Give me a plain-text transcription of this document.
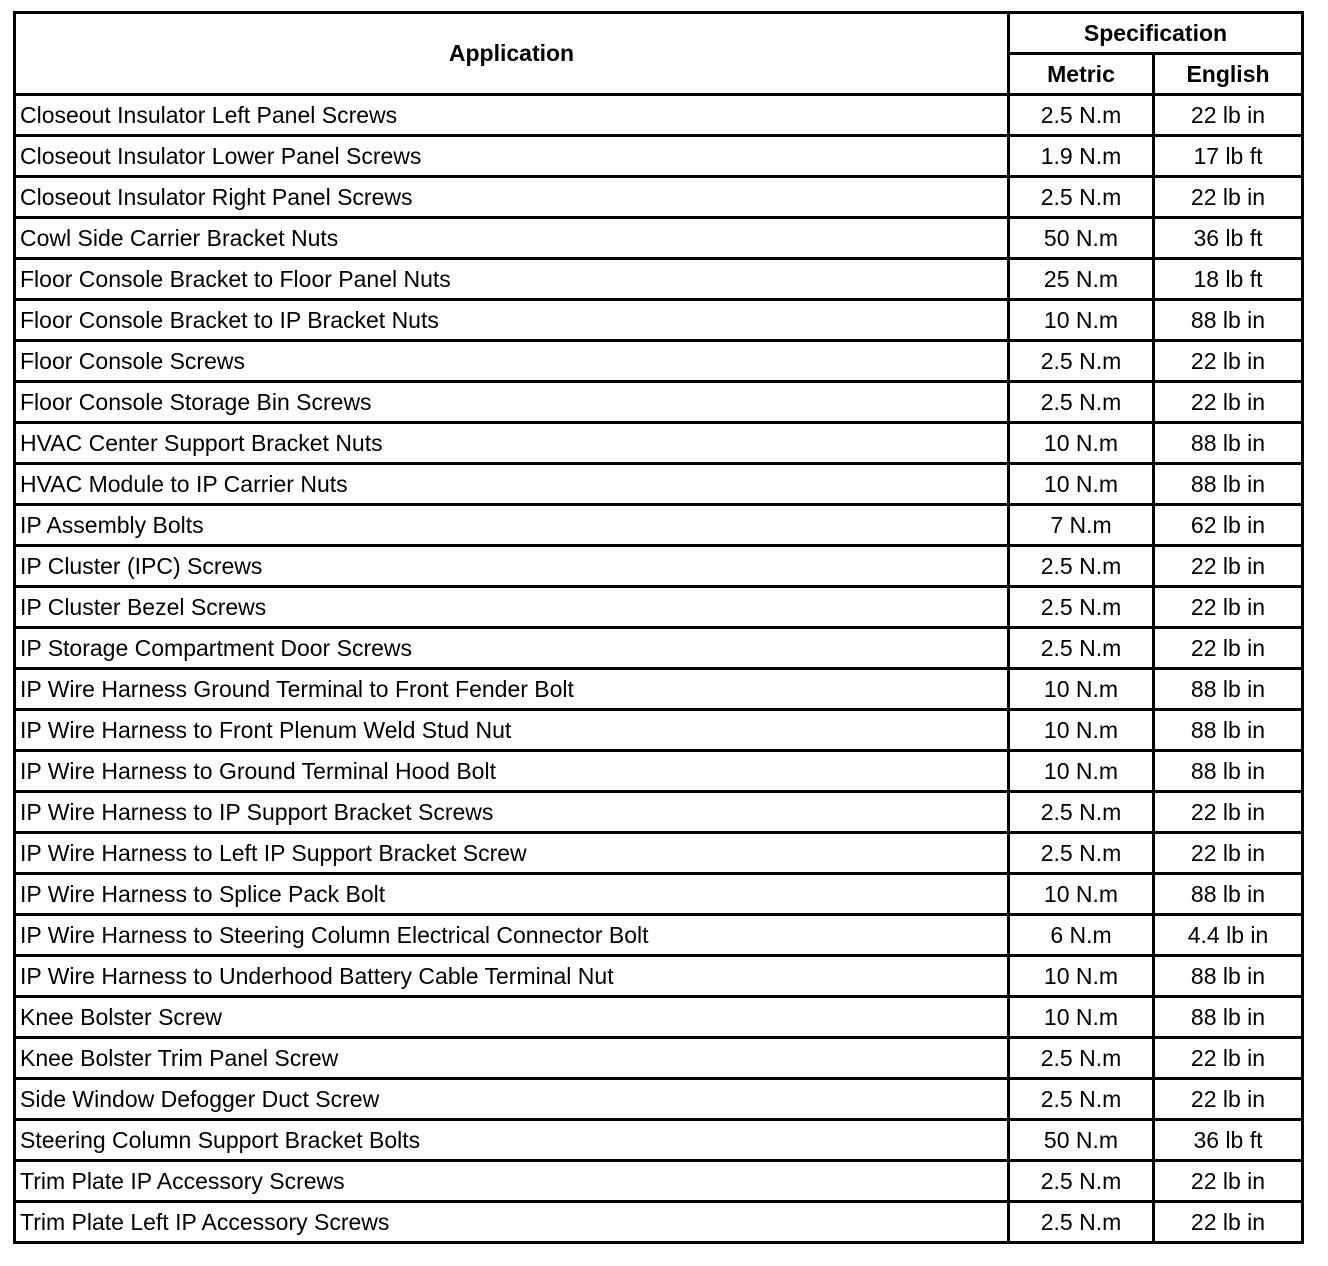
Application	Specification	
	Metric	English
Closeout Insulator Left Panel Screws	2.5 N.m	22 lb in
Closeout Insulator Lower Panel Screws	1.9 N.m	17 lb ft
Closeout Insulator Right Panel Screws	2.5 N.m	22 lb in
Cowl Side Carrier Bracket Nuts	50 N.m	36 lb ft
Floor Console Bracket to Floor Panel Nuts	25 N.m	18 lb ft
Floor Console Bracket to IP Bracket Nuts	10 N.m	88 lb in
Floor Console Screws	2.5 N.m	22 lb in
Floor Console Storage Bin Screws	2.5 N.m	22 lb in
HVAC Center Support Bracket Nuts	10 N.m	88 lb in
HVAC Module to IP Carrier Nuts	10 N.m	88 lb in
IP Assembly Bolts	7 N.m	62 lb in
IP Cluster (IPC) Screws	2.5 N.m	22 lb in
IP Cluster Bezel Screws	2.5 N.m	22 lb in
IP Storage Compartment Door Screws	2.5 N.m	22 lb in
IP Wire Harness Ground Terminal to Front Fender Bolt	10 N.m	88 lb in
IP Wire Harness to Front Plenum Weld Stud Nut	10 N.m	88 lb in
IP Wire Harness to Ground Terminal Hood Bolt	10 N.m	88 lb in
IP Wire Harness to IP Support Bracket Screws	2.5 N.m	22 lb in
IP Wire Harness to Left IP Support Bracket Screw	2.5 N.m	22 lb in
IP Wire Harness to Splice Pack Bolt	10 N.m	88 lb in
IP Wire Harness to Steering Column Electrical Connector Bolt	6 N.m	4.4 lb in
IP Wire Harness to Underhood Battery Cable Terminal Nut	10 N.m	88 lb in
Knee Bolster Screw	10 N.m	88 lb in
Knee Bolster Trim Panel Screw	2.5 N.m	22 lb in
Side Window Defogger Duct Screw	2.5 N.m	22 lb in
Steering Column Support Bracket Bolts	50 N.m	36 lb ft
Trim Plate IP Accessory Screws	2.5 N.m	22 lb in
Trim Plate Left IP Accessory Screws	2.5 N.m	22 lb in
